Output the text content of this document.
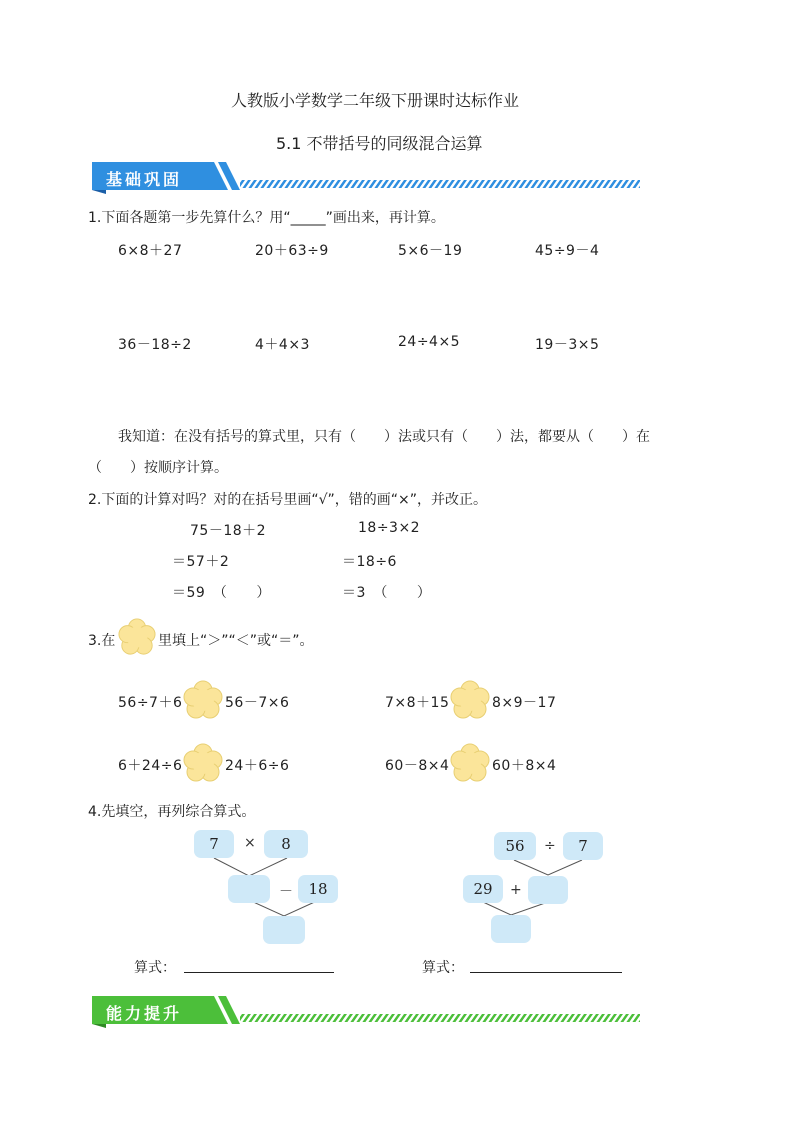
人教版小学数学二年级下册课时达标作业
5.1 不带括号的同级混合运算
基础巩固
1.下面各题第一步先算什么？用“_____”画出来，再计算。
6×8＋27	20＋63÷9	5×6－19	45÷9－4
36－18÷2	4＋4×3	24÷4×5	19－3×5
我知道：在没有括号的算式里，只有（　　）法或只有（　　）法，都要从（　　）在
（　　）按顺序计算。
2.下面的计算对吗？对的在括号里画“√”，错的画“×”，并改正。
75－18＋2
＝57＋2
＝59　（　　）
18÷3×2
＝18÷6
＝3　（　　）
3.在	里填上“＞”“＜”或“＝”。
56÷7＋6	56－7×6	7×8＋15	8×9－17
6＋24÷6	24＋6÷6	60－8×4	60＋8×4
4.先填空，再列综合算式。
7	×	8
－	18
56	÷	7
29	+
算式：	算式：
能力提升
